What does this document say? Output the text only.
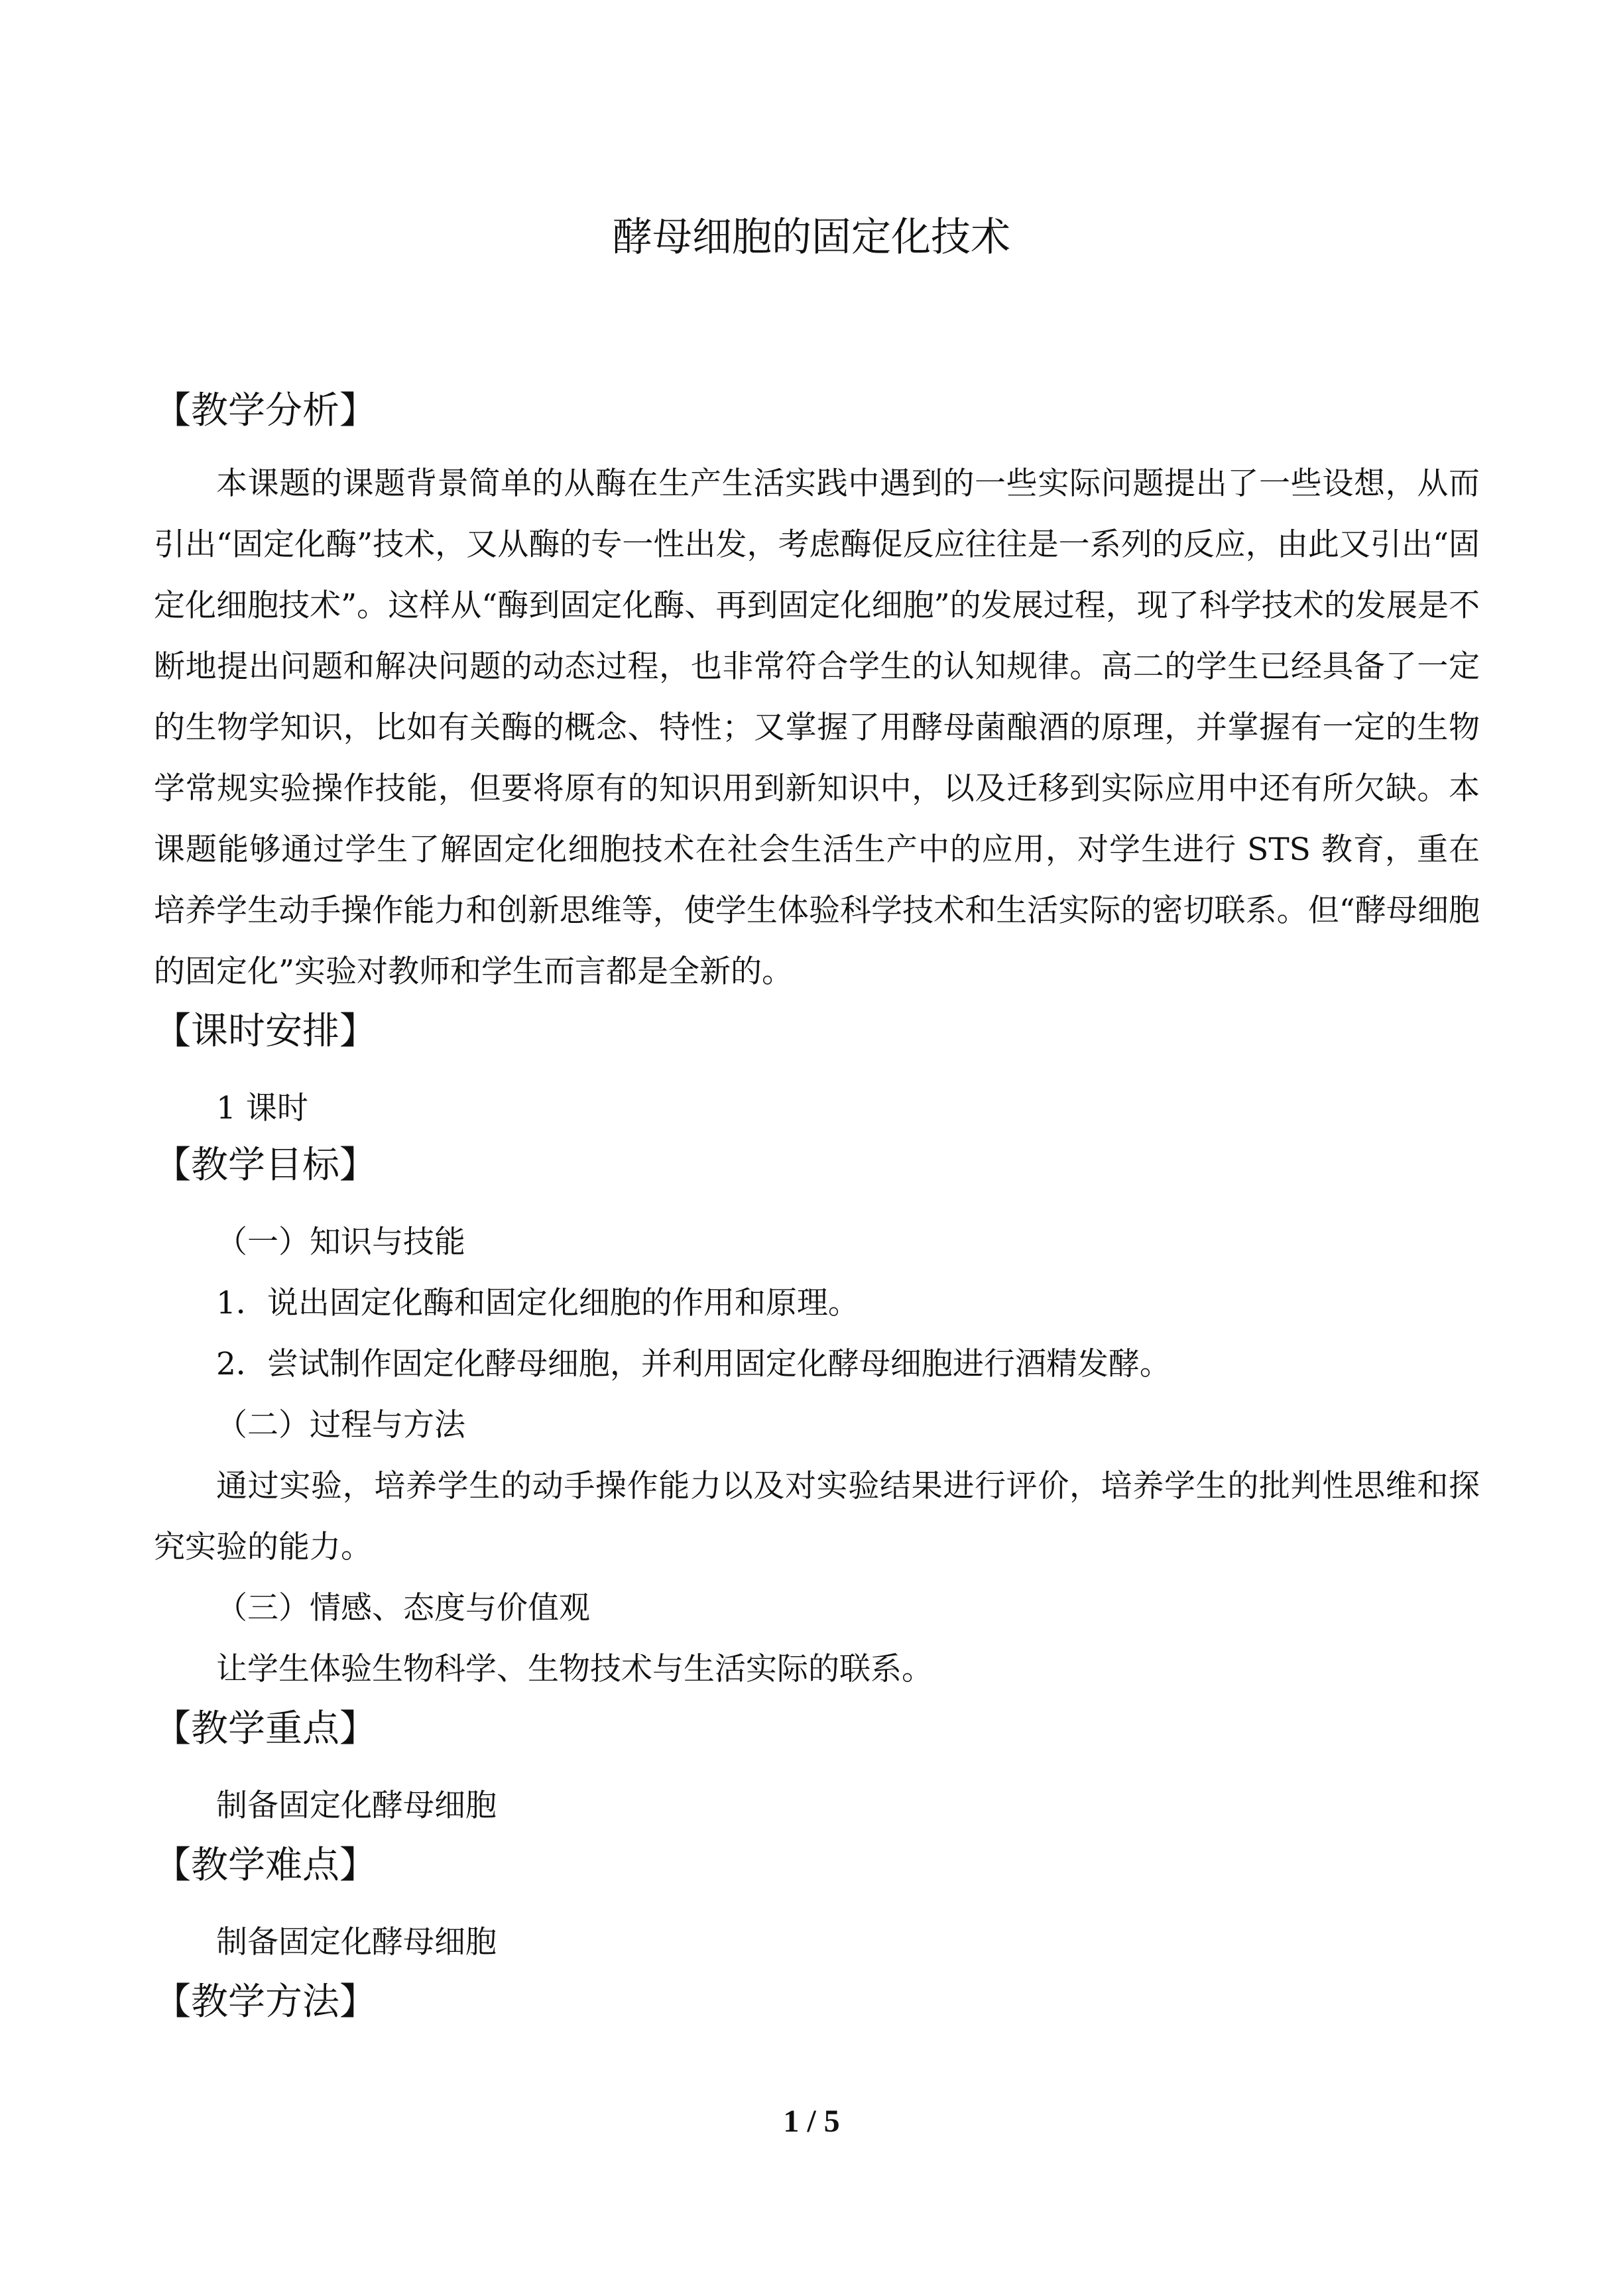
酵母细胞的固定化技术
【教学分析】

本课题的课题背景简单的从酶在生产生活实践中遇到的一些实际问题提出了一些设想，从而引出“固定化酶”技术，又从酶的专一性出发，考虑酶促反应往往是一系列的反应，由此又引出“固定化细胞技术”。这样从“酶到固定化酶、再到固定化细胞”的发展过程，现了科学技术的发展是不断地提出问题和解决问题的动态过程，也非常符合学生的认知规律。高二的学生已经具备了一定的生物学知识，比如有关酶的概念、特性；又掌握了用酵母菌酿酒的原理，并掌握有一定的生物学常规实验操作技能，但要将原有的知识用到新知识中，以及迁移到实际应用中还有所欠缺。本课题能够通过学生了解固定化细胞技术在社会生活生产中的应用，对学生进行 STS 教育，重在培养学生动手操作能力和创新思维等，使学生体验科学技术和生活实际的密切联系。但“酵母细胞的固定化”实验对教师和学生而言都是全新的。

【课时安排】

1 课时

【教学目标】

（一）知识与技能

1．说出固定化酶和固定化细胞的作用和原理。

2．尝试制作固定化酵母细胞，并利用固定化酵母细胞进行酒精发酵。

（二）过程与方法

通过实验，培养学生的动手操作能力以及对实验结果进行评价，培养学生的批判性思维和探究实验的能力。

（三）情感、态度与价值观

让学生体验生物科学、生物技术与生活实际的联系。

【教学重点】

制备固定化酵母细胞

【教学难点】

制备固定化酵母细胞

【教学方法】
1 / 5
